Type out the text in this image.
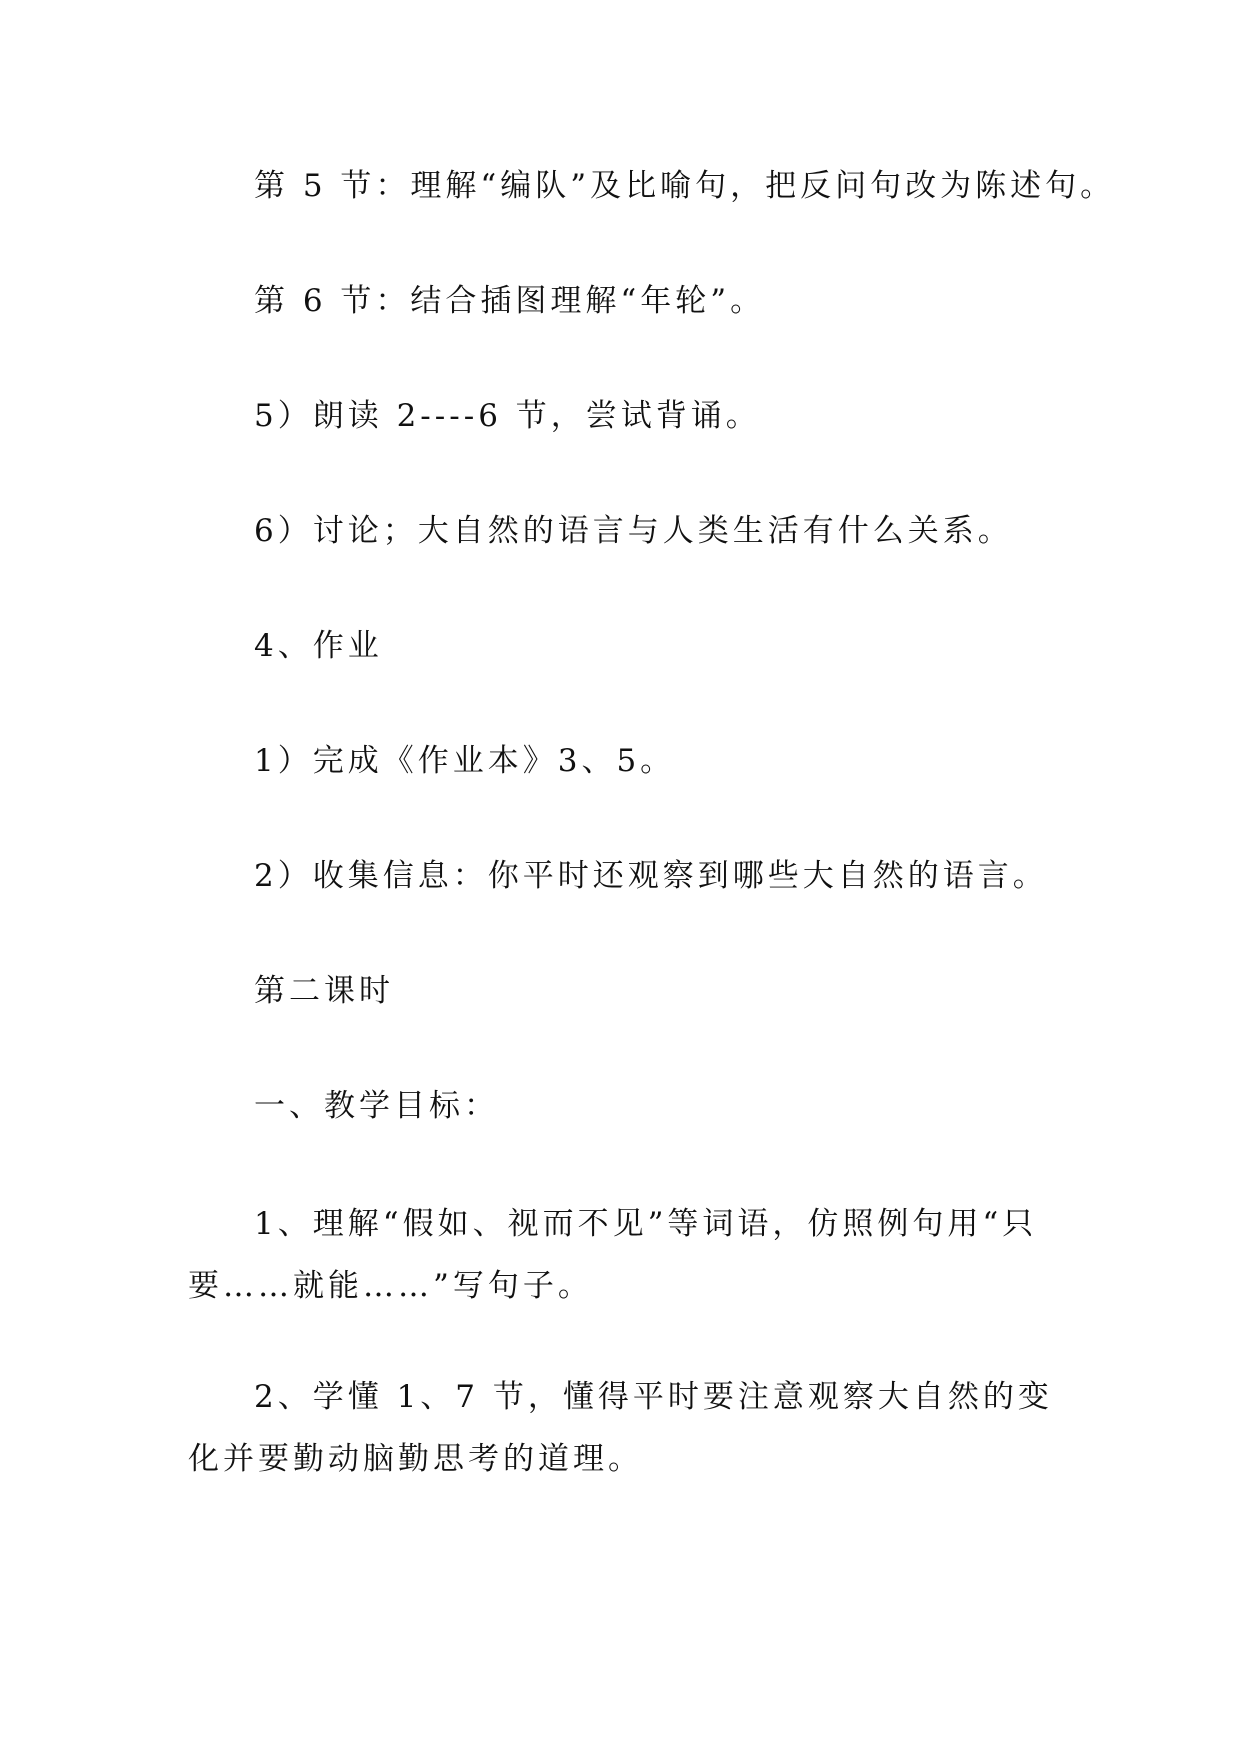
第 5 节：理解“编队”及比喻句，把反问句改为陈述句。

第 6 节：结合插图理解“年轮”。

5）朗读 2----6 节，尝试背诵。

6）讨论；大自然的语言与人类生活有什么关系。

4、作业

1）完成《作业本》3、5。

2）收集信息：你平时还观察到哪些大自然的语言。

第二课时

一、教学目标：

1、理解“假如、视而不见”等词语，仿照例句用“只要……就能……”写句子。

2、学懂 1、7 节，懂得平时要注意观察大自然的变化并要勤动脑勤思考的道理。
